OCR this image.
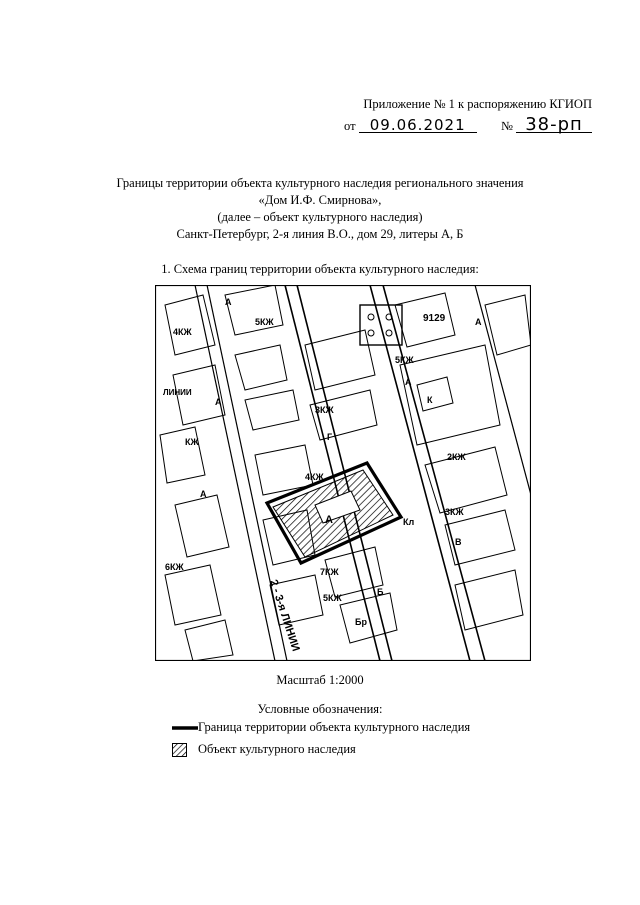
Приложение № 1 к распоряжению КГИОП
от 09.06.2021	№ 38-рп
Границы территории объекта культурного наследия регионального значения
«Дом И.Ф. Смирнова»,
(далее – объект культурного наследия)
Санкт-Петербург, 2-я линия В.О., дом 29, литеры А, Б
1. Схема границ территории объекта культурного наследия:
2 - 3-я ЛИНИИ
ЛИНИИ
А
Б
9129
4КЖ
4КЖ
5КЖ
5КЖ
5КЖ
3КЖ
3КЖ
2КЖ
6КЖ	7КЖ
КЖ	Г
К
В
Бр
Кл
А
А
А
А
А
Масштаб 1:2000
Условные обозначения:
Граница территории объекта культурного наследия
Объект культурного наследия
